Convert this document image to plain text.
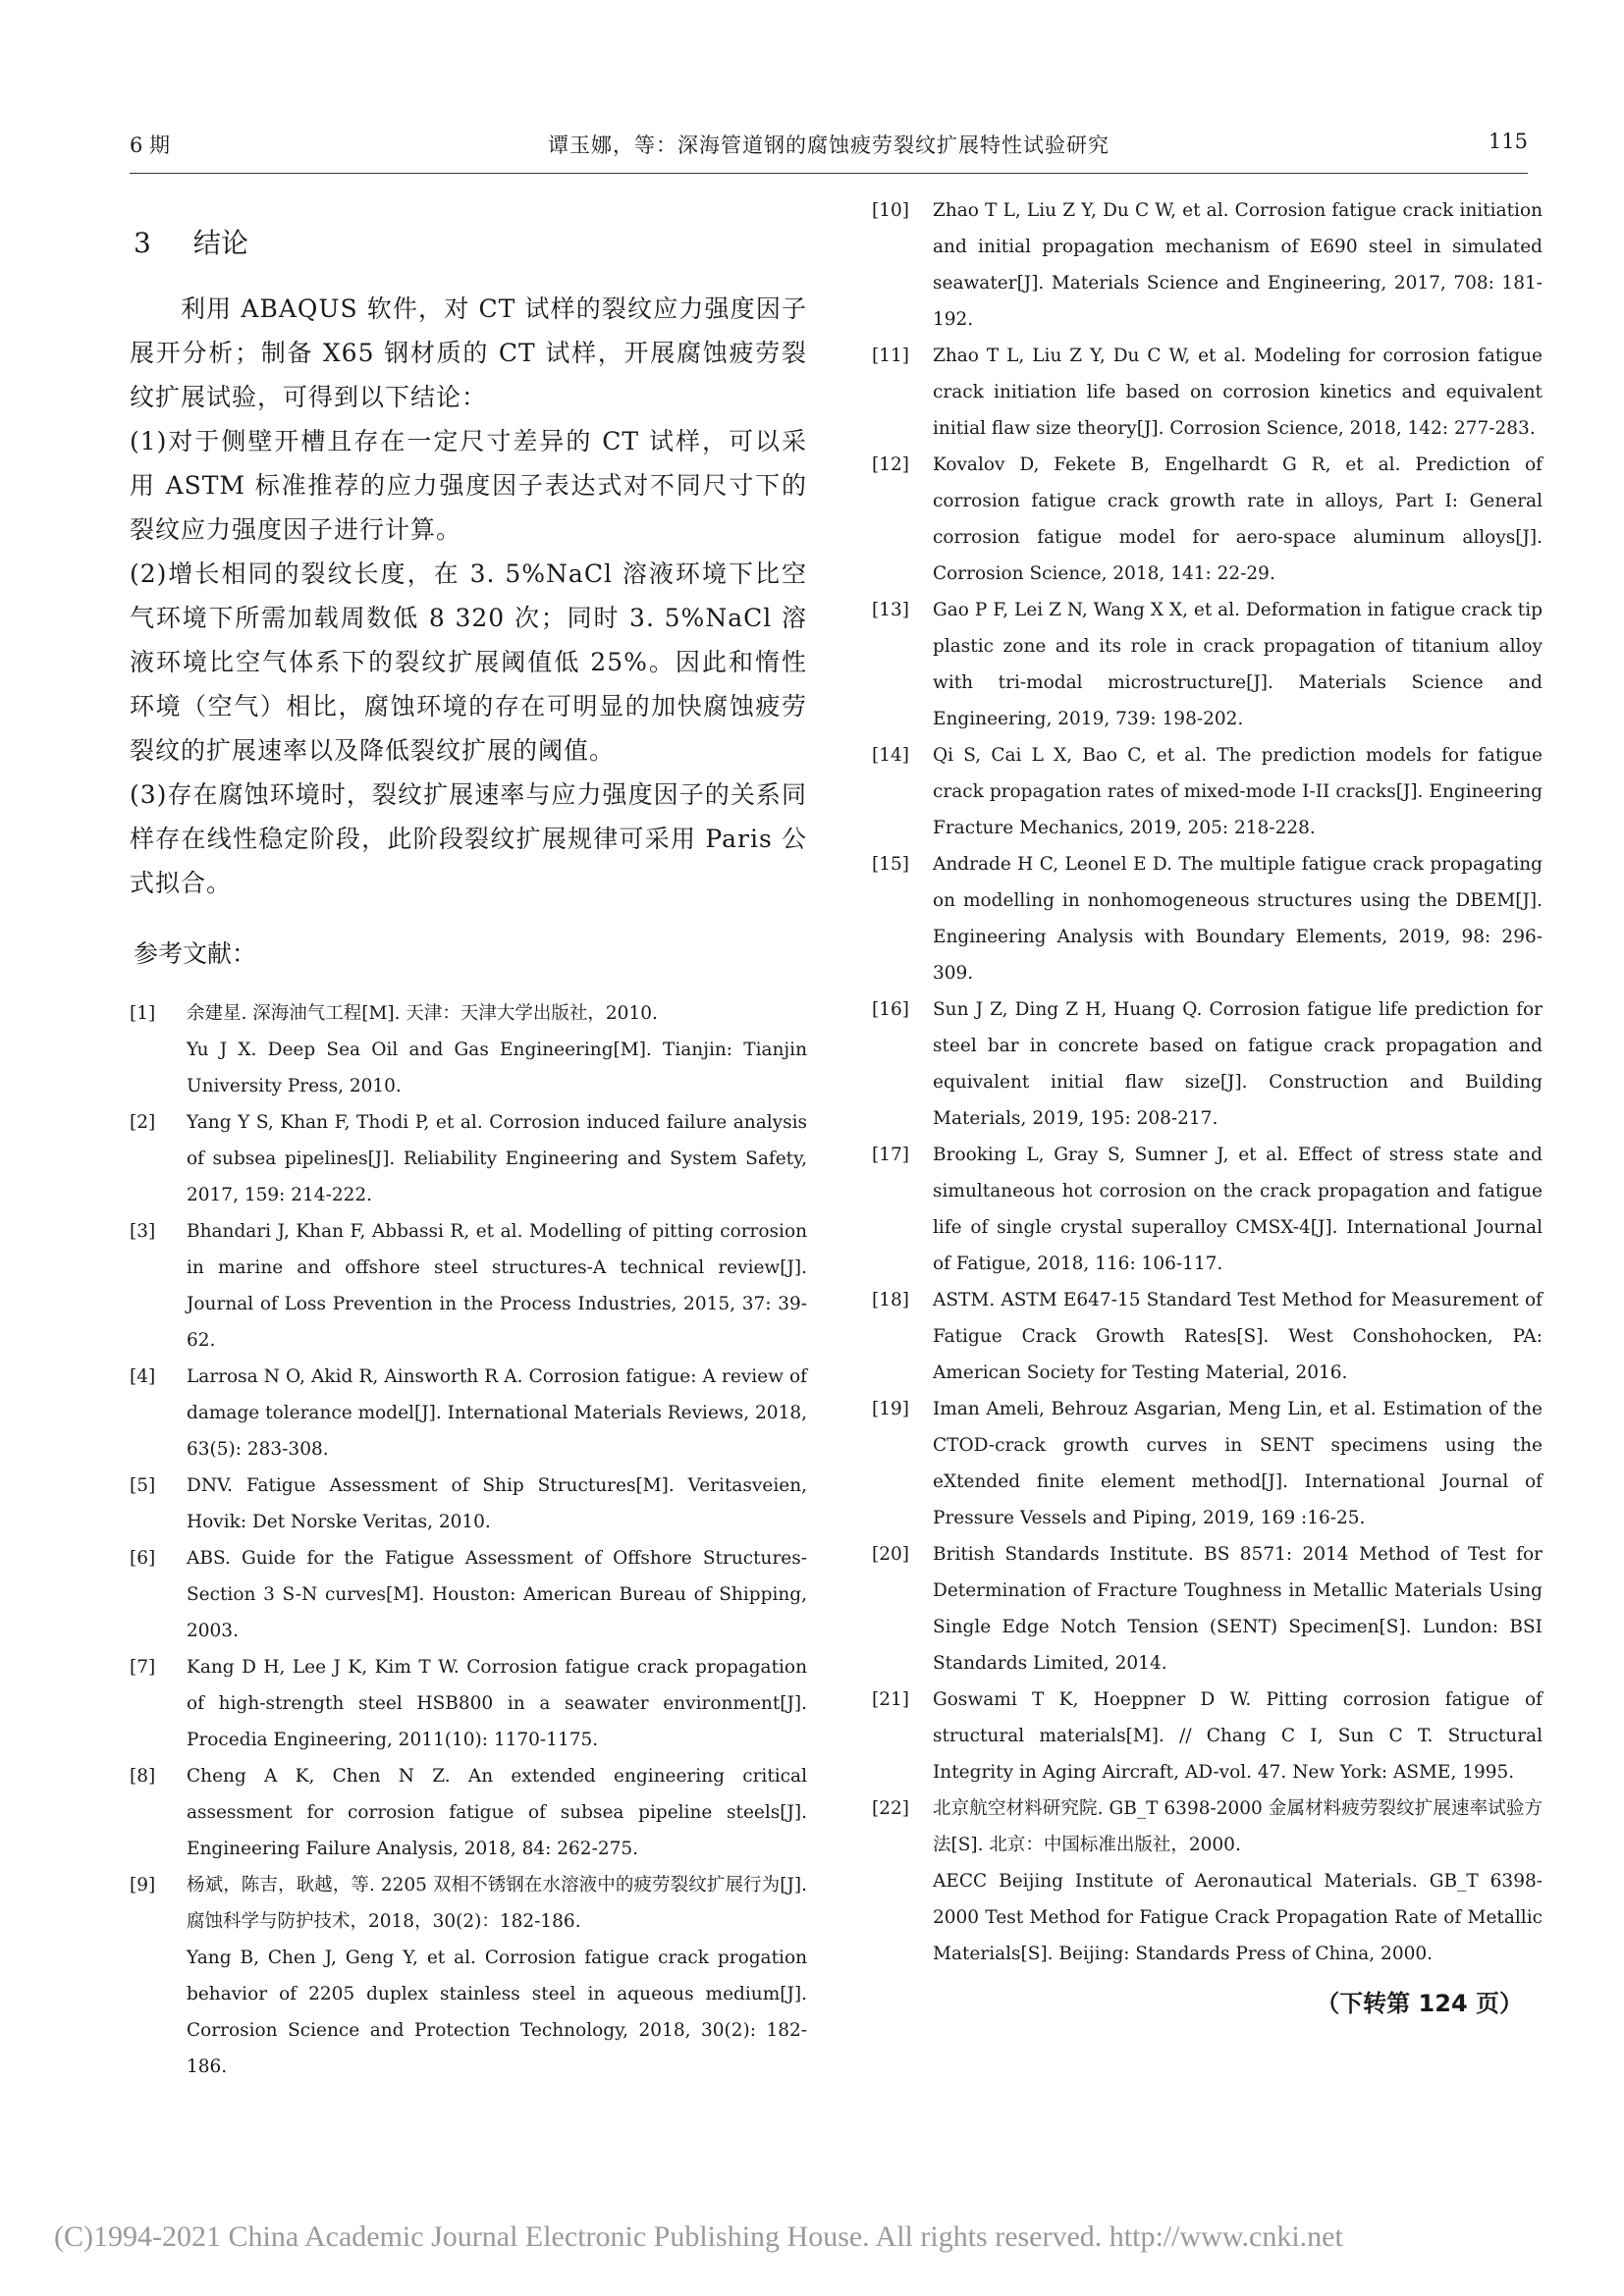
6 期	谭玉娜，等：深海管道钢的腐蚀疲劳裂纹扩展特性试验研究	115
3 结论
利用 ABAQUS 软件，对 CT 试样的裂纹应力强度因子展开分析；制备 X65 钢材质的 CT 试样，开展腐蚀疲劳裂纹扩展试验，可得到以下结论：
(1)对于侧壁开槽且存在一定尺寸差异的 CT 试样，可以采用 ASTM 标准推荐的应力强度因子表达式对不同尺寸下的裂纹应力强度因子进行计算。
(2)增长相同的裂纹长度，在 3. 5%NaCl 溶液环境下比空气环境下所需加载周数低 8 320 次；同时 3. 5%NaCl 溶液环境比空气体系下的裂纹扩展阈值低 25%。因此和惰性环境（空气）相比，腐蚀环境的存在可明显的加快腐蚀疲劳裂纹的扩展速率以及降低裂纹扩展的阈值。
(3)存在腐蚀环境时，裂纹扩展速率与应力强度因子的关系同样存在线性稳定阶段，此阶段裂纹扩展规律可采用 Paris 公式拟合。
参考文献：
[1] 余建星. 深海油气工程[M]. 天津：天津大学出版社，2010.
Yu J X. Deep Sea Oil and Gas Engineering[M]. Tianjin: Tianjin University Press, 2010.
[2] Yang Y S, Khan F, Thodi P, et al. Corrosion induced failure analysis of subsea pipelines[J]. Reliability Engineering and System Safety, 2017, 159: 214-222.
[3] Bhandari J, Khan F, Abbassi R, et al. Modelling of pitting corrosion in marine and offshore steel structures-A technical review[J]. Journal of Loss Prevention in the Process Industries, 2015, 37: 39-62.
[4] Larrosa N O, Akid R, Ainsworth R A. Corrosion fatigue: A review of damage tolerance model[J]. International Materials Reviews, 2018, 63(5): 283-308.
[5] DNV. Fatigue Assessment of Ship Structures[M]. Veritasveien, Hovik: Det Norske Veritas, 2010.
[6] ABS. Guide for the Fatigue Assessment of Offshore Structures-Section 3 S-N curves[M]. Houston: American Bureau of Shipping, 2003.
[7] Kang D H, Lee J K, Kim T W. Corrosion fatigue crack propagation of high-strength steel HSB800 in a seawater environment[J]. Procedia Engineering, 2011(10): 1170-1175.
[8] Cheng A K, Chen N Z. An extended engineering critical assessment for corrosion fatigue of subsea pipeline steels[J]. Engineering Failure Analysis, 2018, 84: 262-275.
[9] 杨斌，陈吉，耿越，等. 2205 双相不锈钢在水溶液中的疲劳裂纹扩展行为[J]. 腐蚀科学与防护技术，2018，30(2)：182-186.
Yang B, Chen J, Geng Y, et al. Corrosion fatigue crack progation behavior of 2205 duplex stainless steel in aqueous medium[J]. Corrosion Science and Protection Technology, 2018, 30(2): 182-186.
[10] Zhao T L, Liu Z Y, Du C W, et al. Corrosion fatigue crack initiation and initial propagation mechanism of E690 steel in simulated seawater[J]. Materials Science and Engineering, 2017, 708: 181-192.
[11] Zhao T L, Liu Z Y, Du C W, et al. Modeling for corrosion fatigue crack initiation life based on corrosion kinetics and equivalent initial flaw size theory[J]. Corrosion Science, 2018, 142: 277-283.
[12] Kovalov D, Fekete B, Engelhardt G R, et al. Prediction of corrosion fatigue crack growth rate in alloys, Part I: General corrosion fatigue model for aero-space aluminum alloys[J]. Corrosion Science, 2018, 141: 22-29.
[13] Gao P F, Lei Z N, Wang X X, et al. Deformation in fatigue crack tip plastic zone and its role in crack propagation of titanium alloy with tri-modal microstructure[J]. Materials Science and Engineering, 2019, 739: 198-202.
[14] Qi S, Cai L X, Bao C, et al. The prediction models for fatigue crack propagation rates of mixed-mode I-II cracks[J]. Engineering Fracture Mechanics, 2019, 205: 218-228.
[15] Andrade H C, Leonel E D. The multiple fatigue crack propagating on modelling in nonhomogeneous structures using the DBEM[J]. Engineering Analysis with Boundary Elements, 2019, 98: 296-309.
[16] Sun J Z, Ding Z H, Huang Q. Corrosion fatigue life prediction for steel bar in concrete based on fatigue crack propagation and equivalent initial flaw size[J]. Construction and Building Materials, 2019, 195: 208-217.
[17] Brooking L, Gray S, Sumner J, et al. Effect of stress state and simultaneous hot corrosion on the crack propagation and fatigue life of single crystal superalloy CMSX-4[J]. International Journal of Fatigue, 2018, 116: 106-117.
[18] ASTM. ASTM E647-15 Standard Test Method for Measurement of Fatigue Crack Growth Rates[S]. West Conshohocken, PA: American Society for Testing Material, 2016.
[19] Iman Ameli, Behrouz Asgarian, Meng Lin, et al. Estimation of the CTOD-crack growth curves in SENT specimens using the eXtended finite element method[J]. International Journal of Pressure Vessels and Piping, 2019, 169 :16-25.
[20] British Standards Institute. BS 8571: 2014 Method of Test for Determination of Fracture Toughness in Metallic Materials Using Single Edge Notch Tension (SENT) Specimen[S]. Lundon: BSI Standards Limited, 2014.
[21] Goswami T K, Hoeppner D W. Pitting corrosion fatigue of structural materials[M]. // Chang C I, Sun C T. Structural Integrity in Aging Aircraft, AD-vol. 47. New York: ASME, 1995.
[22] 北京航空材料研究院. GB_T 6398-2000 金属材料疲劳裂纹扩展速率试验方法[S]. 北京：中国标准出版社，2000.
AECC Beijing Institute of Aeronautical Materials. GB_T 6398-2000 Test Method for Fatigue Crack Propagation Rate of Metallic Materials[S]. Beijing: Standards Press of China, 2000.
（下转第 124 页）
(C)1994-2021 China Academic Journal Electronic Publishing House. All rights reserved. http://www.cnki.net
